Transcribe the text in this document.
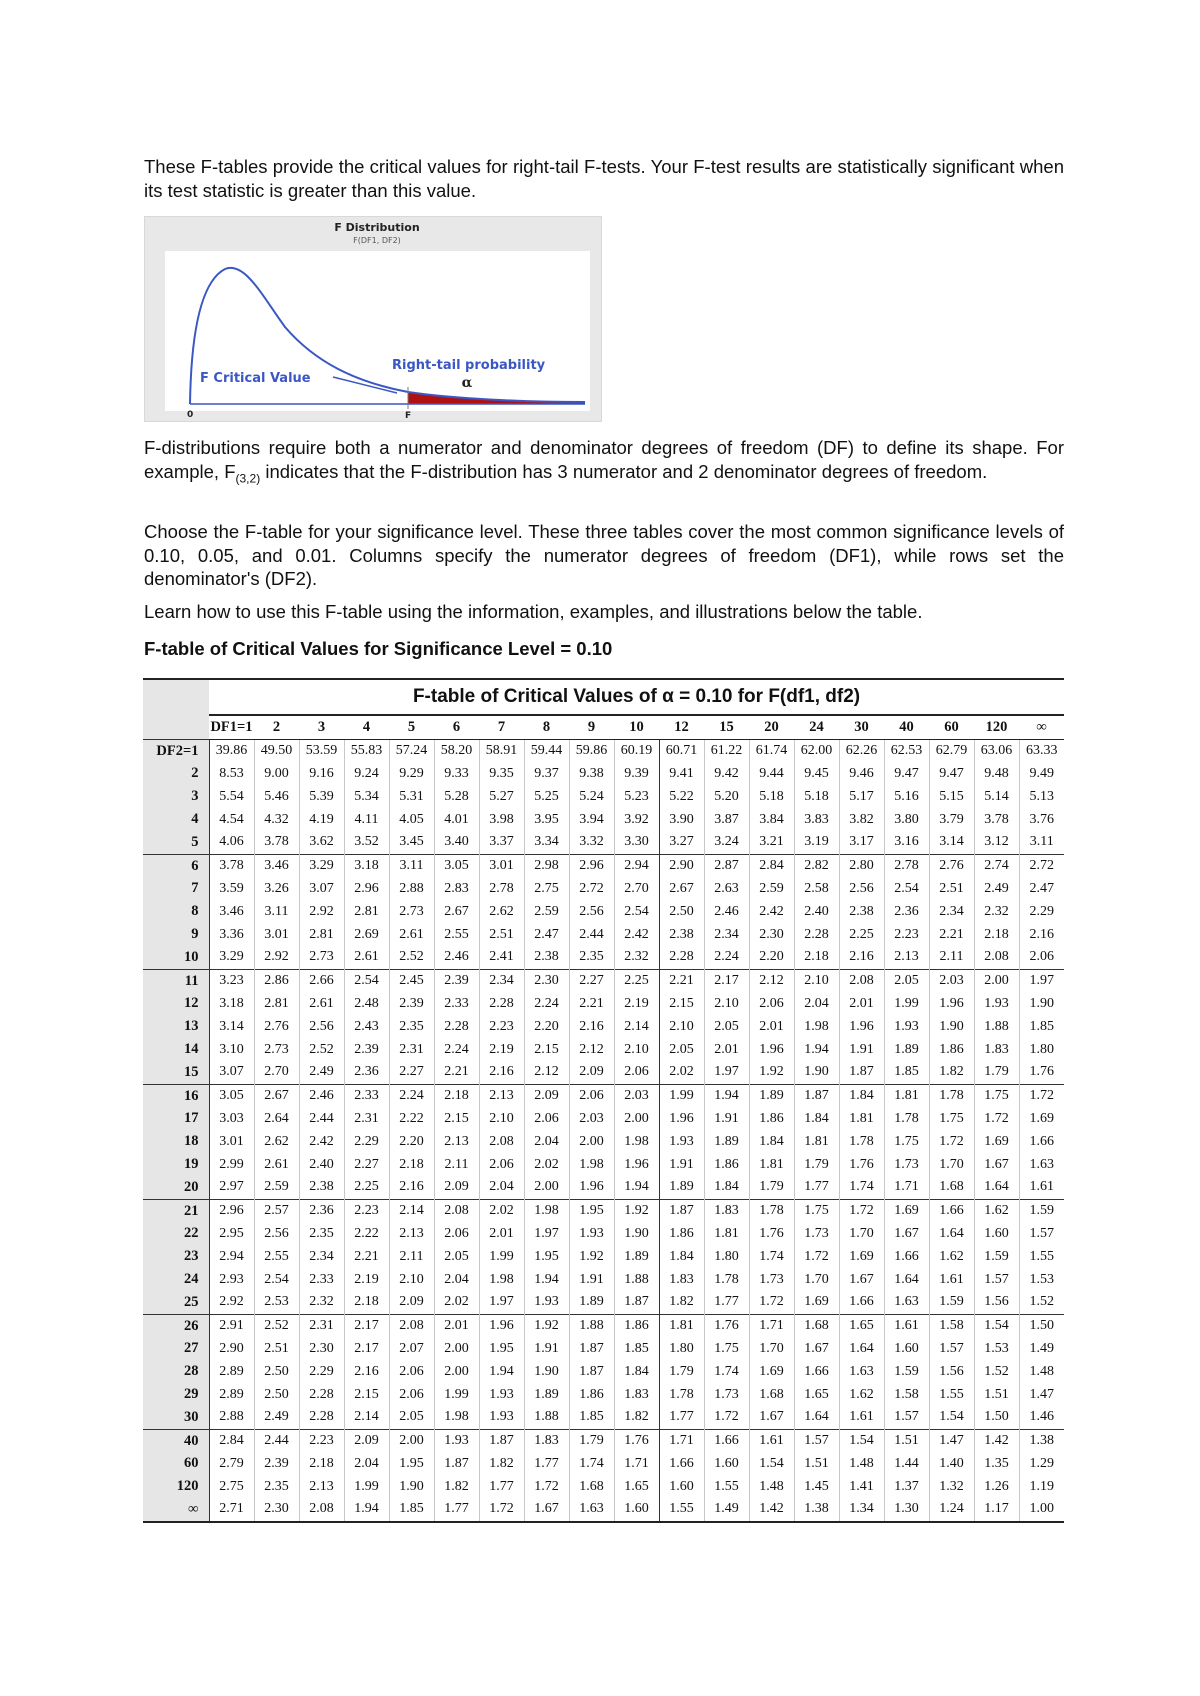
These F-tables provide the critical values for right-tail F-tests. Your F-test results are statistically significant when its test statistic is greater than this value.

F Distribution
F(DF1, DF2)
F Critical Value
Right-tail probability
α
0	F

F-distributions require both a numerator and denominator degrees of freedom (DF) to define its shape. For example, $F_{(3,2)}$ indicates that the F-distribution has 3 numerator and 2 denominator degrees of freedom.

Choose the F-table for your significance level. These three tables cover the most common significance levels of 0.10, 0.05, and 0.01. Columns specify the numerator degrees of freedom (DF1), while rows set the denominator's (DF2).

Learn how to use this F-table using the information, examples, and illustrations below the table.

F-table of Critical Values for Significance Level = 0.10

	F-table of Critical Values of α = 0.10 for F(df1, df2)																		
	DF1=1	2	3	4	5	6	7	8	9	10	12	15	20	24	30	40	60	120	∞
DF2=1	39.86	49.50	53.59	55.83	57.24	58.20	58.91	59.44	59.86	60.19	60.71	61.22	61.74	62.00	62.26	62.53	62.79	63.06	63.33
2	8.53	9.00	9.16	9.24	9.29	9.33	9.35	9.37	9.38	9.39	9.41	9.42	9.44	9.45	9.46	9.47	9.47	9.48	9.49
3	5.54	5.46	5.39	5.34	5.31	5.28	5.27	5.25	5.24	5.23	5.22	5.20	5.18	5.18	5.17	5.16	5.15	5.14	5.13
4	4.54	4.32	4.19	4.11	4.05	4.01	3.98	3.95	3.94	3.92	3.90	3.87	3.84	3.83	3.82	3.80	3.79	3.78	3.76
5	4.06	3.78	3.62	3.52	3.45	3.40	3.37	3.34	3.32	3.30	3.27	3.24	3.21	3.19	3.17	3.16	3.14	3.12	3.11
6	3.78	3.46	3.29	3.18	3.11	3.05	3.01	2.98	2.96	2.94	2.90	2.87	2.84	2.82	2.80	2.78	2.76	2.74	2.72
7	3.59	3.26	3.07	2.96	2.88	2.83	2.78	2.75	2.72	2.70	2.67	2.63	2.59	2.58	2.56	2.54	2.51	2.49	2.47
8	3.46	3.11	2.92	2.81	2.73	2.67	2.62	2.59	2.56	2.54	2.50	2.46	2.42	2.40	2.38	2.36	2.34	2.32	2.29
9	3.36	3.01	2.81	2.69	2.61	2.55	2.51	2.47	2.44	2.42	2.38	2.34	2.30	2.28	2.25	2.23	2.21	2.18	2.16
10	3.29	2.92	2.73	2.61	2.52	2.46	2.41	2.38	2.35	2.32	2.28	2.24	2.20	2.18	2.16	2.13	2.11	2.08	2.06
11	3.23	2.86	2.66	2.54	2.45	2.39	2.34	2.30	2.27	2.25	2.21	2.17	2.12	2.10	2.08	2.05	2.03	2.00	1.97
12	3.18	2.81	2.61	2.48	2.39	2.33	2.28	2.24	2.21	2.19	2.15	2.10	2.06	2.04	2.01	1.99	1.96	1.93	1.90
13	3.14	2.76	2.56	2.43	2.35	2.28	2.23	2.20	2.16	2.14	2.10	2.05	2.01	1.98	1.96	1.93	1.90	1.88	1.85
14	3.10	2.73	2.52	2.39	2.31	2.24	2.19	2.15	2.12	2.10	2.05	2.01	1.96	1.94	1.91	1.89	1.86	1.83	1.80
15	3.07	2.70	2.49	2.36	2.27	2.21	2.16	2.12	2.09	2.06	2.02	1.97	1.92	1.90	1.87	1.85	1.82	1.79	1.76
16	3.05	2.67	2.46	2.33	2.24	2.18	2.13	2.09	2.06	2.03	1.99	1.94	1.89	1.87	1.84	1.81	1.78	1.75	1.72
17	3.03	2.64	2.44	2.31	2.22	2.15	2.10	2.06	2.03	2.00	1.96	1.91	1.86	1.84	1.81	1.78	1.75	1.72	1.69
18	3.01	2.62	2.42	2.29	2.20	2.13	2.08	2.04	2.00	1.98	1.93	1.89	1.84	1.81	1.78	1.75	1.72	1.69	1.66
19	2.99	2.61	2.40	2.27	2.18	2.11	2.06	2.02	1.98	1.96	1.91	1.86	1.81	1.79	1.76	1.73	1.70	1.67	1.63
20	2.97	2.59	2.38	2.25	2.16	2.09	2.04	2.00	1.96	1.94	1.89	1.84	1.79	1.77	1.74	1.71	1.68	1.64	1.61
21	2.96	2.57	2.36	2.23	2.14	2.08	2.02	1.98	1.95	1.92	1.87	1.83	1.78	1.75	1.72	1.69	1.66	1.62	1.59
22	2.95	2.56	2.35	2.22	2.13	2.06	2.01	1.97	1.93	1.90	1.86	1.81	1.76	1.73	1.70	1.67	1.64	1.60	1.57
23	2.94	2.55	2.34	2.21	2.11	2.05	1.99	1.95	1.92	1.89	1.84	1.80	1.74	1.72	1.69	1.66	1.62	1.59	1.55
24	2.93	2.54	2.33	2.19	2.10	2.04	1.98	1.94	1.91	1.88	1.83	1.78	1.73	1.70	1.67	1.64	1.61	1.57	1.53
25	2.92	2.53	2.32	2.18	2.09	2.02	1.97	1.93	1.89	1.87	1.82	1.77	1.72	1.69	1.66	1.63	1.59	1.56	1.52
26	2.91	2.52	2.31	2.17	2.08	2.01	1.96	1.92	1.88	1.86	1.81	1.76	1.71	1.68	1.65	1.61	1.58	1.54	1.50
27	2.90	2.51	2.30	2.17	2.07	2.00	1.95	1.91	1.87	1.85	1.80	1.75	1.70	1.67	1.64	1.60	1.57	1.53	1.49
28	2.89	2.50	2.29	2.16	2.06	2.00	1.94	1.90	1.87	1.84	1.79	1.74	1.69	1.66	1.63	1.59	1.56	1.52	1.48
29	2.89	2.50	2.28	2.15	2.06	1.99	1.93	1.89	1.86	1.83	1.78	1.73	1.68	1.65	1.62	1.58	1.55	1.51	1.47
30	2.88	2.49	2.28	2.14	2.05	1.98	1.93	1.88	1.85	1.82	1.77	1.72	1.67	1.64	1.61	1.57	1.54	1.50	1.46
40	2.84	2.44	2.23	2.09	2.00	1.93	1.87	1.83	1.79	1.76	1.71	1.66	1.61	1.57	1.54	1.51	1.47	1.42	1.38
60	2.79	2.39	2.18	2.04	1.95	1.87	1.82	1.77	1.74	1.71	1.66	1.60	1.54	1.51	1.48	1.44	1.40	1.35	1.29
120	2.75	2.35	2.13	1.99	1.90	1.82	1.77	1.72	1.68	1.65	1.60	1.55	1.48	1.45	1.41	1.37	1.32	1.26	1.19
∞	2.71	2.30	2.08	1.94	1.85	1.77	1.72	1.67	1.63	1.60	1.55	1.49	1.42	1.38	1.34	1.30	1.24	1.17	1.00
